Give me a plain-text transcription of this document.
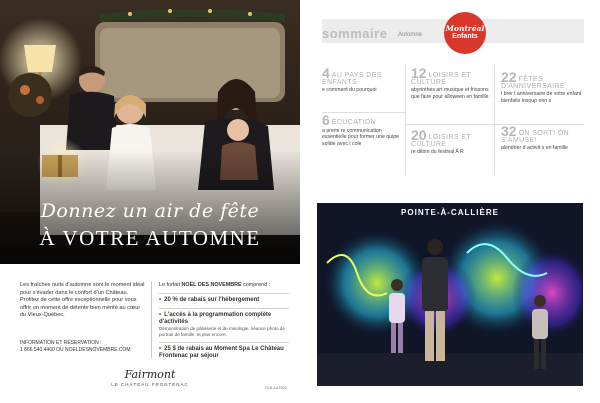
Donnez un air de fête
À VOTRE AUTOMNE
Les fraîches nuits d'automne sont le moment idéal pour s'évader dans le confort d'un Château. Profitez de cette offre exceptionnelle pour vous offrir un moment de détente bien mérité au cœur du Vieux-Québec.
INFORMATION ET RÉSERVATION :
1 866 540 4460 OU NOELDESNOVEMBRE.COM
Le forfait NOËL DES NOVEMBRE comprend :
• 20 % de rabais sur l'hébergement
• L'accès à la programmation complète d'activités
Démonstration de pâtisserie et de mixologie, séance photo de portrait de famille, et plus encore.
• 25 $ de rabais au Moment Spa Le Château Frontenac par séjour
Fairmont
LE CHÂTEAU FRONTENAC
FCN-Ad 2306
sommaire Automne
Montréal
Enfants
4 AU PAYS DES ENFANTS
e comment du pourquoi
12 LOISIRS ET CULTURE
abyrinthes art musique et frissons que faire pour alloween en famille
22 FÊTES D'ANNIVERSAIRE
l brer l anniversaire de votre enfant bienfaits insoup onn s
6 ÉDUCATION
a premi re communication essentielle pour former une quipe solide avec l cole
20 LOISIRS ET CULTURE
re dition du festival A R
32 ON SORT! ON S'AMUSE!
alendrier d activit s en famille
POINTE-À-CALLIÈRE
